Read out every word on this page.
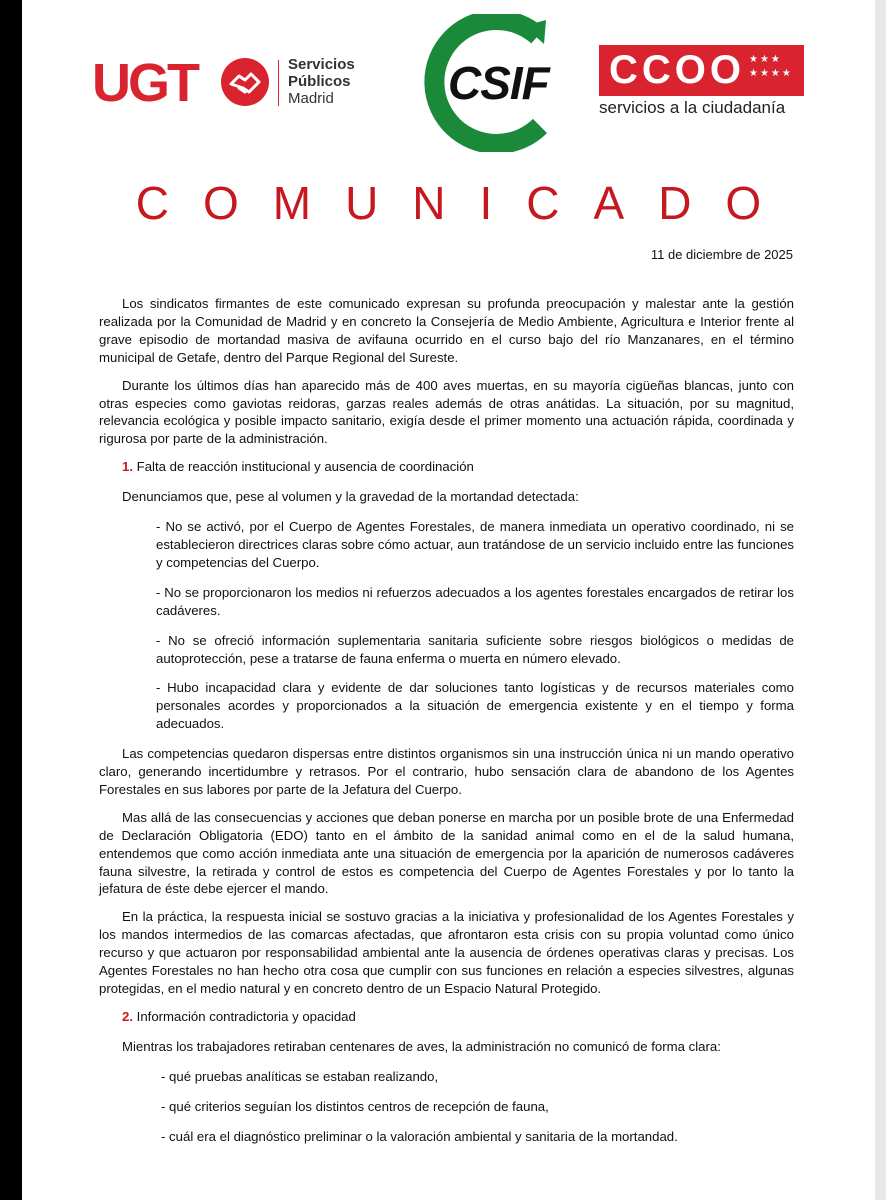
UGT	Servicios
Públicos
Madrid	CSIF CCOO ★★★ ★★★★
servicios a la ciudadanía
COMUNICADO
11 de diciembre de 2025

Los sindicatos firmantes de este comunicado expresan su profunda preocupación y malestar ante la gestión realizada por la Comunidad de Madrid y en concreto la Consejería de Medio Ambiente, Agricultura e Interior frente al grave episodio de mortandad masiva de avifauna ocurrido en el curso bajo del río Manzanares, en el término municipal de Getafe, dentro del Parque Regional del Sureste.

Durante los últimos días han aparecido más de 400 aves muertas, en su mayoría cigüeñas blancas, junto con otras especies como gaviotas reidoras, garzas reales además de otras anátidas. La situación, por su magnitud, relevancia ecológica y posible impacto sanitario, exigía desde el primer momento una actuación rápida, coordinada y rigurosa por parte de la administración.

1. Falta de reacción institucional y ausencia de coordinación
Denunciamos que, pese al volumen y la gravedad de la mortandad detectada:
- No se activó, por el Cuerpo de Agentes Forestales, de manera inmediata un operativo coordinado, ni se establecieron directrices claras sobre cómo actuar, aun tratándose de un servicio incluido entre las funciones y competencias del Cuerpo.
- No se proporcionaron los medios ni refuerzos adecuados a los agentes forestales encargados de retirar los cadáveres.
- No se ofreció información suplementaria sanitaria suficiente sobre riesgos biológicos o medidas de autoprotección, pese a tratarse de fauna enferma o muerta en número elevado.
- Hubo incapacidad clara y evidente de dar soluciones tanto logísticas y de recursos materiales como personales acordes y proporcionados a la situación de emergencia existente y en el tiempo y forma adecuados.

Las competencias quedaron dispersas entre distintos organismos sin una instrucción única ni un mando operativo claro, generando incertidumbre y retrasos. Por el contrario, hubo sensación clara de abandono de los Agentes Forestales en sus labores por parte de la Jefatura del Cuerpo.

Mas allá de las consecuencias y acciones que deban ponerse en marcha por un posible brote de una Enfermedad de Declaración Obligatoria (EDO) tanto en el ámbito de la sanidad animal como en el de la salud humana, entendemos que como acción inmediata ante una situación de emergencia por la aparición de numerosos cadáveres fauna silvestre, la retirada y control de estos es competencia del Cuerpo de Agentes Forestales y por lo tanto la jefatura de éste debe ejercer el mando.

En la práctica, la respuesta inicial se sostuvo gracias a la iniciativa y profesionalidad de los Agentes Forestales y los mandos intermedios de las comarcas afectadas, que afrontaron esta crisis con su propia voluntad como único recurso y que actuaron por responsabilidad ambiental ante la ausencia de órdenes operativas claras y precisas. Los Agentes Forestales no han hecho otra cosa que cumplir con sus funciones en relación a especies silvestres, algunas protegidas, en el medio natural y en concreto dentro de un Espacio Natural Protegido.

2. Información contradictoria y opacidad
Mientras los trabajadores retiraban centenares de aves, la administración no comunicó de forma clara:
- qué pruebas analíticas se estaban realizando,
- qué criterios seguían los distintos centros de recepción de fauna,
- cuál era el diagnóstico preliminar o la valoración ambiental y sanitaria de la mortandad.
